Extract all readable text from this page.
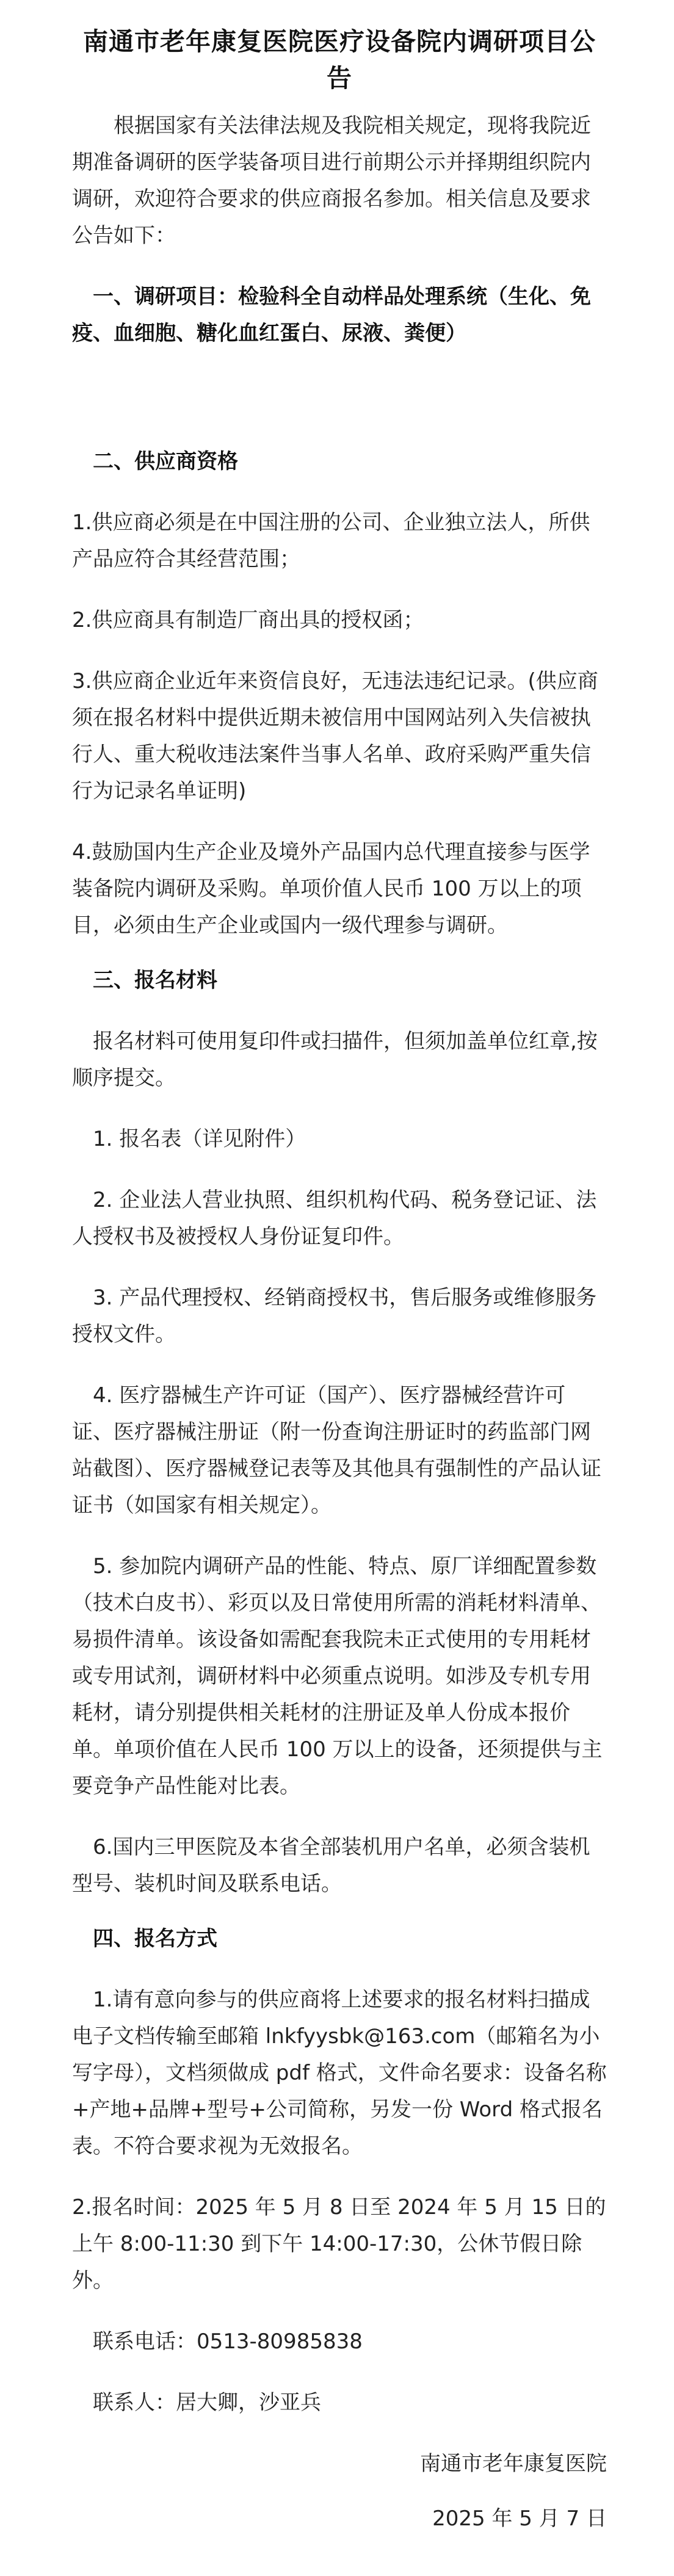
南通市老年康复医院医疗设备院内调研项目公告

根据国家有关法律法规及我院相关规定，现将我院近期准备调研的医学装备项目进行前期公示并择期组织院内调研，欢迎符合要求的供应商报名参加。相关信息及要求公告如下：

一、调研项目：检验科全自动样品处理系统（生化、免疫、血细胞、糖化血红蛋白、尿液、粪便）

二、供应商资格

1.供应商必须是在中国注册的公司、企业独立法人，所供产品应符合其经营范围；

2.供应商具有制造厂商出具的授权函；

3.供应商企业近年来资信良好，无违法违纪记录。(供应商须在报名材料中提供近期未被信用中国网站列入失信被执行人、重大税收违法案件当事人名单、政府采购严重失信行为记录名单证明)

4.鼓励国内生产企业及境外产品国内总代理直接参与医学装备院内调研及采购。单项价值人民币 100 万以上的项目，必须由生产企业或国内一级代理参与调研。

三、报名材料

报名材料可使用复印件或扫描件，但须加盖单位红章,按顺序提交。

1. 报名表（详见附件）

2. 企业法人营业执照、组织机构代码、税务登记证、法人授权书及被授权人身份证复印件。

3. 产品代理授权、经销商授权书，售后服务或维修服务授权文件。

4. 医疗器械生产许可证（国产）、医疗器械经营许可证、医疗器械注册证（附一份查询注册证时的药监部门网站截图）、医疗器械登记表等及其他具有强制性的产品认证证书（如国家有相关规定）。

5. 参加院内调研产品的性能、特点、原厂详细配置参数（技术白皮书）、彩页以及日常使用所需的消耗材料清单、易损件清单。该设备如需配套我院未正式使用的专用耗材或专用试剂，调研材料中必须重点说明。如涉及专机专用耗材，请分别提供相关耗材的注册证及单人份成本报价单。单项价值在人民币 100 万以上的设备，还须提供与主要竞争产品性能对比表。

6.国内三甲医院及本省全部装机用户名单，必须含装机型号、装机时间及联系电话。

四、报名方式

1.请有意向参与的供应商将上述要求的报名材料扫描成电子文档传输至邮箱 lnkfyysbk@163.com（邮箱名为小写字母），文档须做成 pdf 格式，文件命名要求：设备名称+产地+品牌+型号+公司简称，另发一份 Word 格式报名表。不符合要求视为无效报名。

2.报名时间：2025 年 5 月 8 日至 2024 年 5 月 15 日的上午 8:00-11:30 到下午 14:00-17:30，公休节假日除外。

联系电话：0513-80985838

联系人：居大卿，沙亚兵

南通市老年康复医院

2025 年 5 月 7 日
